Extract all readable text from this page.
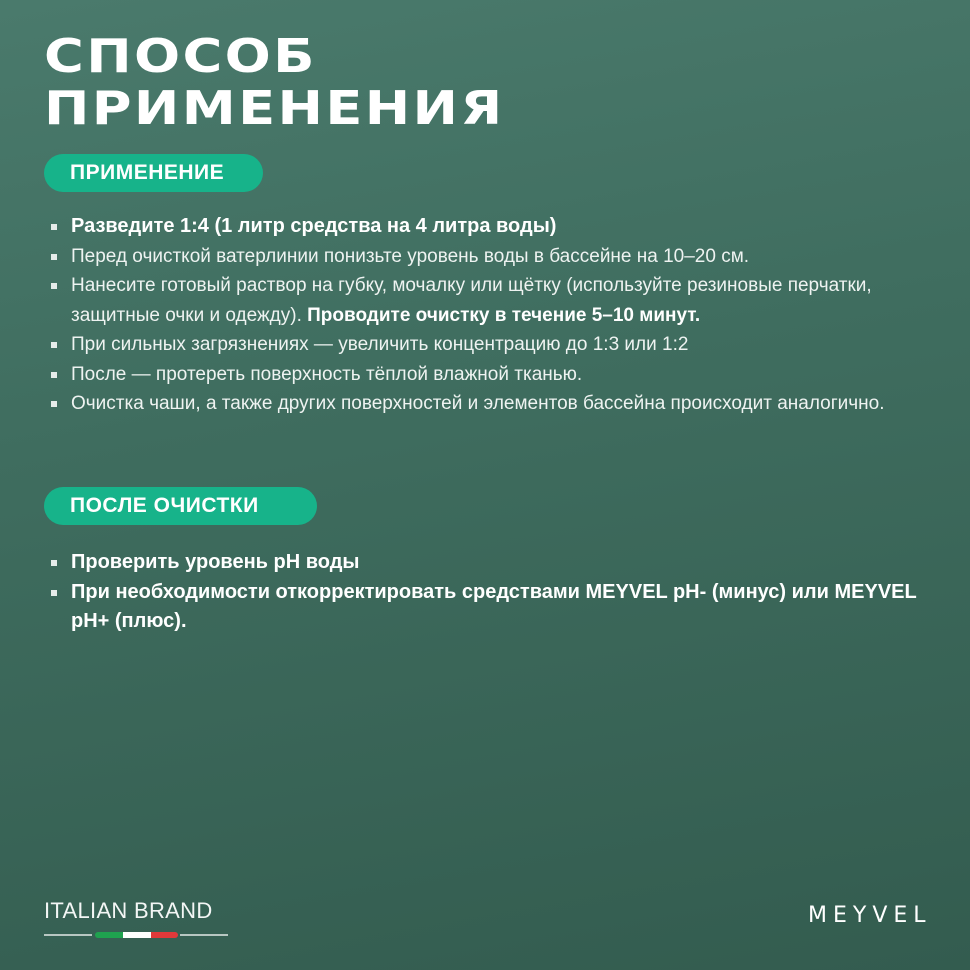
СПОСОБ
ПРИМЕНЕНИЯ
ПРИМЕНЕНИЕ
Разведите 1:4 (1 литр средства на 4 литра воды)
Перед очисткой ватерлинии понизьте уровень воды в бассейне на 10–20 см.
Нанесите готовый раствор на губку, мочалку или щётку (используйте резиновые перчатки, защитные очки и одежду). Проводите очистку в течение 5–10 минут.
При сильных загрязнениях — увеличить концентрацию до 1:3 или 1:2
После — протереть поверхность тёплой влажной тканью.
Очистка чаши, а также других поверхностей и элементов бассейна происходит аналогично.
ПОСЛЕ ОЧИСТКИ
Проверить уровень pH воды
При необходимости откорректировать средствами MEYVEL pH- (минус) или MEYVEL pH+ (плюс).
ITALIAN BRAND	MEYVEL
